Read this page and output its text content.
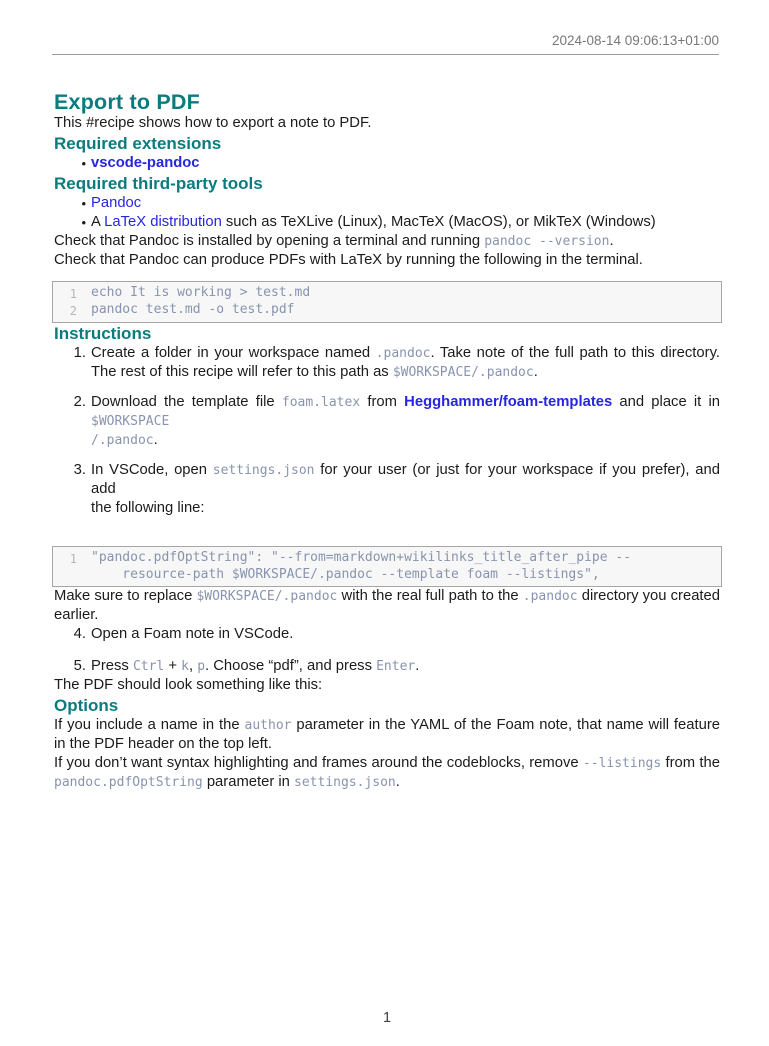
2024-08-14 09:06:13+01:00
Export to PDF

This #recipe shows how to export a note to PDF.

Required extensions
• vscode-pandoc
Required third-party tools
• Pandoc
• A LaTeX distribution such as TeXLive (Linux), MacTeX (MacOS), or MikTeX (Windows)

Check that Pandoc is installed by opening a terminal and running pandoc --version.
Check that Pandoc can produce PDFs with LaTeX by running the following in the terminal.

1 echo It is working > test.md
2 pandoc test.md -o test.pdf
Instructions
1. Create a folder in your workspace named .pandoc. Take note of the full path to this directory.
The rest of this recipe will refer to this path as $WORKSPACE/.pandoc.
2. Download the template file foam.latex from Hegghammer/foam-templates and place it in $WORKSPACE
/.pandoc.
3. In VSCode, open settings.json for your user (or just for your workspace if you prefer), and add
the following line:
1 "pandoc.pdfOptString": "--from=markdown+wikilinks_title_after_pipe --
resource-path $WORKSPACE/.pandoc --template foam --listings",

Make sure to replace $WORKSPACE/.pandoc with the real full path to the .pandoc directory you created
earlier.

4. Open a Foam note in VSCode.
5. Press Ctrl + k, p. Choose “pdf”, and press Enter.

The PDF should look something like this:

Options

If you include a name in the author parameter in the YAML of the Foam note, that name will feature
in the PDF header on the top left.
If you don’t want syntax highlighting and frames around the codeblocks, remove --listings from the
pandoc.pdfOptString parameter in settings.json.

1
